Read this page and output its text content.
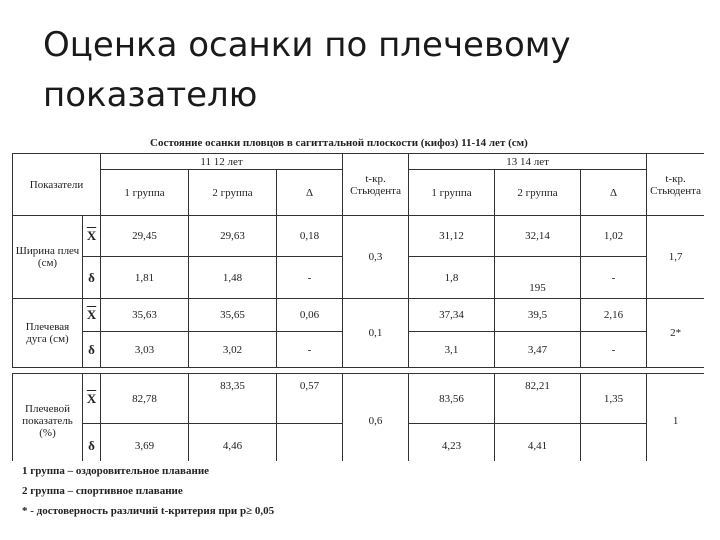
Оценка осанки по плечевому
показателю
Состояние осанки пловцов в сагиттальной плоскости (кифоз) 11-14 лет (см)
Показатели		11 12 лет			t-кр. Стьюдента	13 14 лет			t-кр. Стьюдента
		1 группа	2 группа	Δ		1 группа	2 группа	Δ	
Ширина плеч (см)	$\overline{X}$	29,45	29,63	0,18	0,3	31,12	32,14	1,02	1,7
	δ	1,81	1,48	-		1,8	195	-	
Плечевая дуга (см)	$\overline{X}$	35,63	35,65	0,06	0,1	37,34	39,5	2,16	2*
	δ	3,03	3,02	-		3,1	3,47	-	

Плечевой показатель (%)	$\overline{X}$	82,78	83,35	0,57	0,6	83,56	82,21	1,35	1
	δ	3,69	4,46			4,23	4,41		

1 группа – оздоровительное плавание

2 группа – спортивное плавание

* - достоверность различий t-критерия при p≥ 0,05
